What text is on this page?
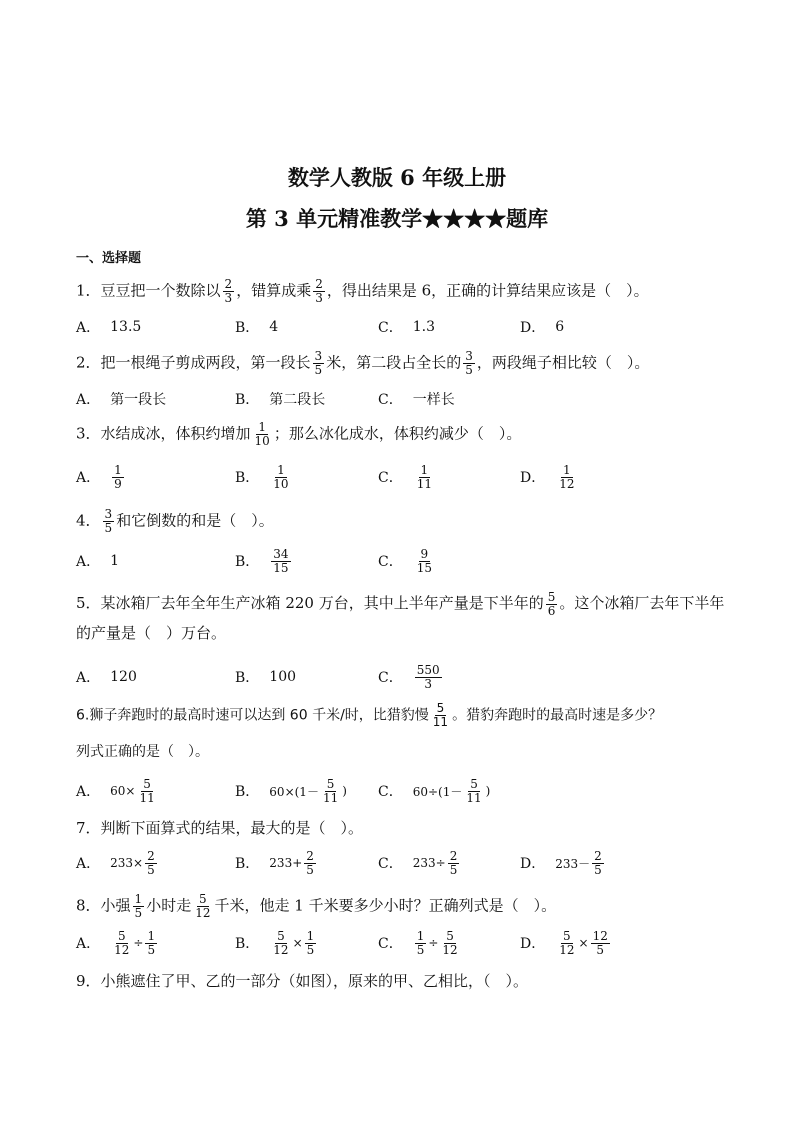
数学人教版 6 年级上册
第 3 单元精准教学★★★★题库
一、选择题
1．豆豆把一个数除以 $\frac{2}{3}$ ，错算成乘 $\frac{2}{3}$ ，得出结果是 6，正确的计算结果应该是（　）。
A． 13.5	B． 4	C． 1.3	D． 6
2．把一根绳子剪成两段，第一段长 $\frac{3}{5}$ 米，第二段占全长的 $\frac{3}{5}$ ，两段绳子相比较（　）。
A． 第一段长	B． 第二段长	C． 一样长
3．水结成冰，体积约增加 $\frac{1}{10}$ ；那么冰化成水，体积约减少（　）。
A． $\frac{1}{9}$	B． $\frac{1}{10}$	C． $\frac{1}{11}$	D． $\frac{1}{12}$
4． $\frac{3}{5}$ 和它倒数的和是（　）。
A． 1	B． $\frac{34}{15}$	C． $\frac{9}{15}$
5．某冰箱厂去年全年生产冰箱 220 万台，其中上半年产量是下半年的 $\frac{5}{6}$ 。这个冰箱厂去年下半年的产量是（　）万台。
A． 120	B． 100	C． $\frac{550}{3}$
6.狮子奔跑时的最高时速可以达到 60 千米/时，比猎豹慢 $\frac{5}{11}$ 。猎豹奔跑时的最高时速是多少？
列式正确的是（　）。
A． $60\times \frac{5}{11}$	B． $60\times(1- \frac{5}{11}$ ) C． $60\div(1- \frac{5}{11}$ )
7．判断下面算式的结果，最大的是（　）。
A． $233\times \frac{2}{5}$	B． $233+ \frac{2}{5}$	C． $233\div \frac{2}{5}$	D． $233- \frac{2}{5}$
8．小强 $\frac{1}{5}$ 小时走 $\frac{5}{12}$ 千米，他走 1 千米要多少小时？正确列式是（　）。
A． $\frac{5}{12} \div \frac{1}{5}$	B． $\frac{5}{12} \times \frac{1}{5}$	C． $\frac{1}{5} \div \frac{5}{12}$	D． $\frac{5}{12} \times \frac{12}{5}$
9．小熊遮住了甲、乙的一部分（如图），原来的甲、乙相比，（　）。
